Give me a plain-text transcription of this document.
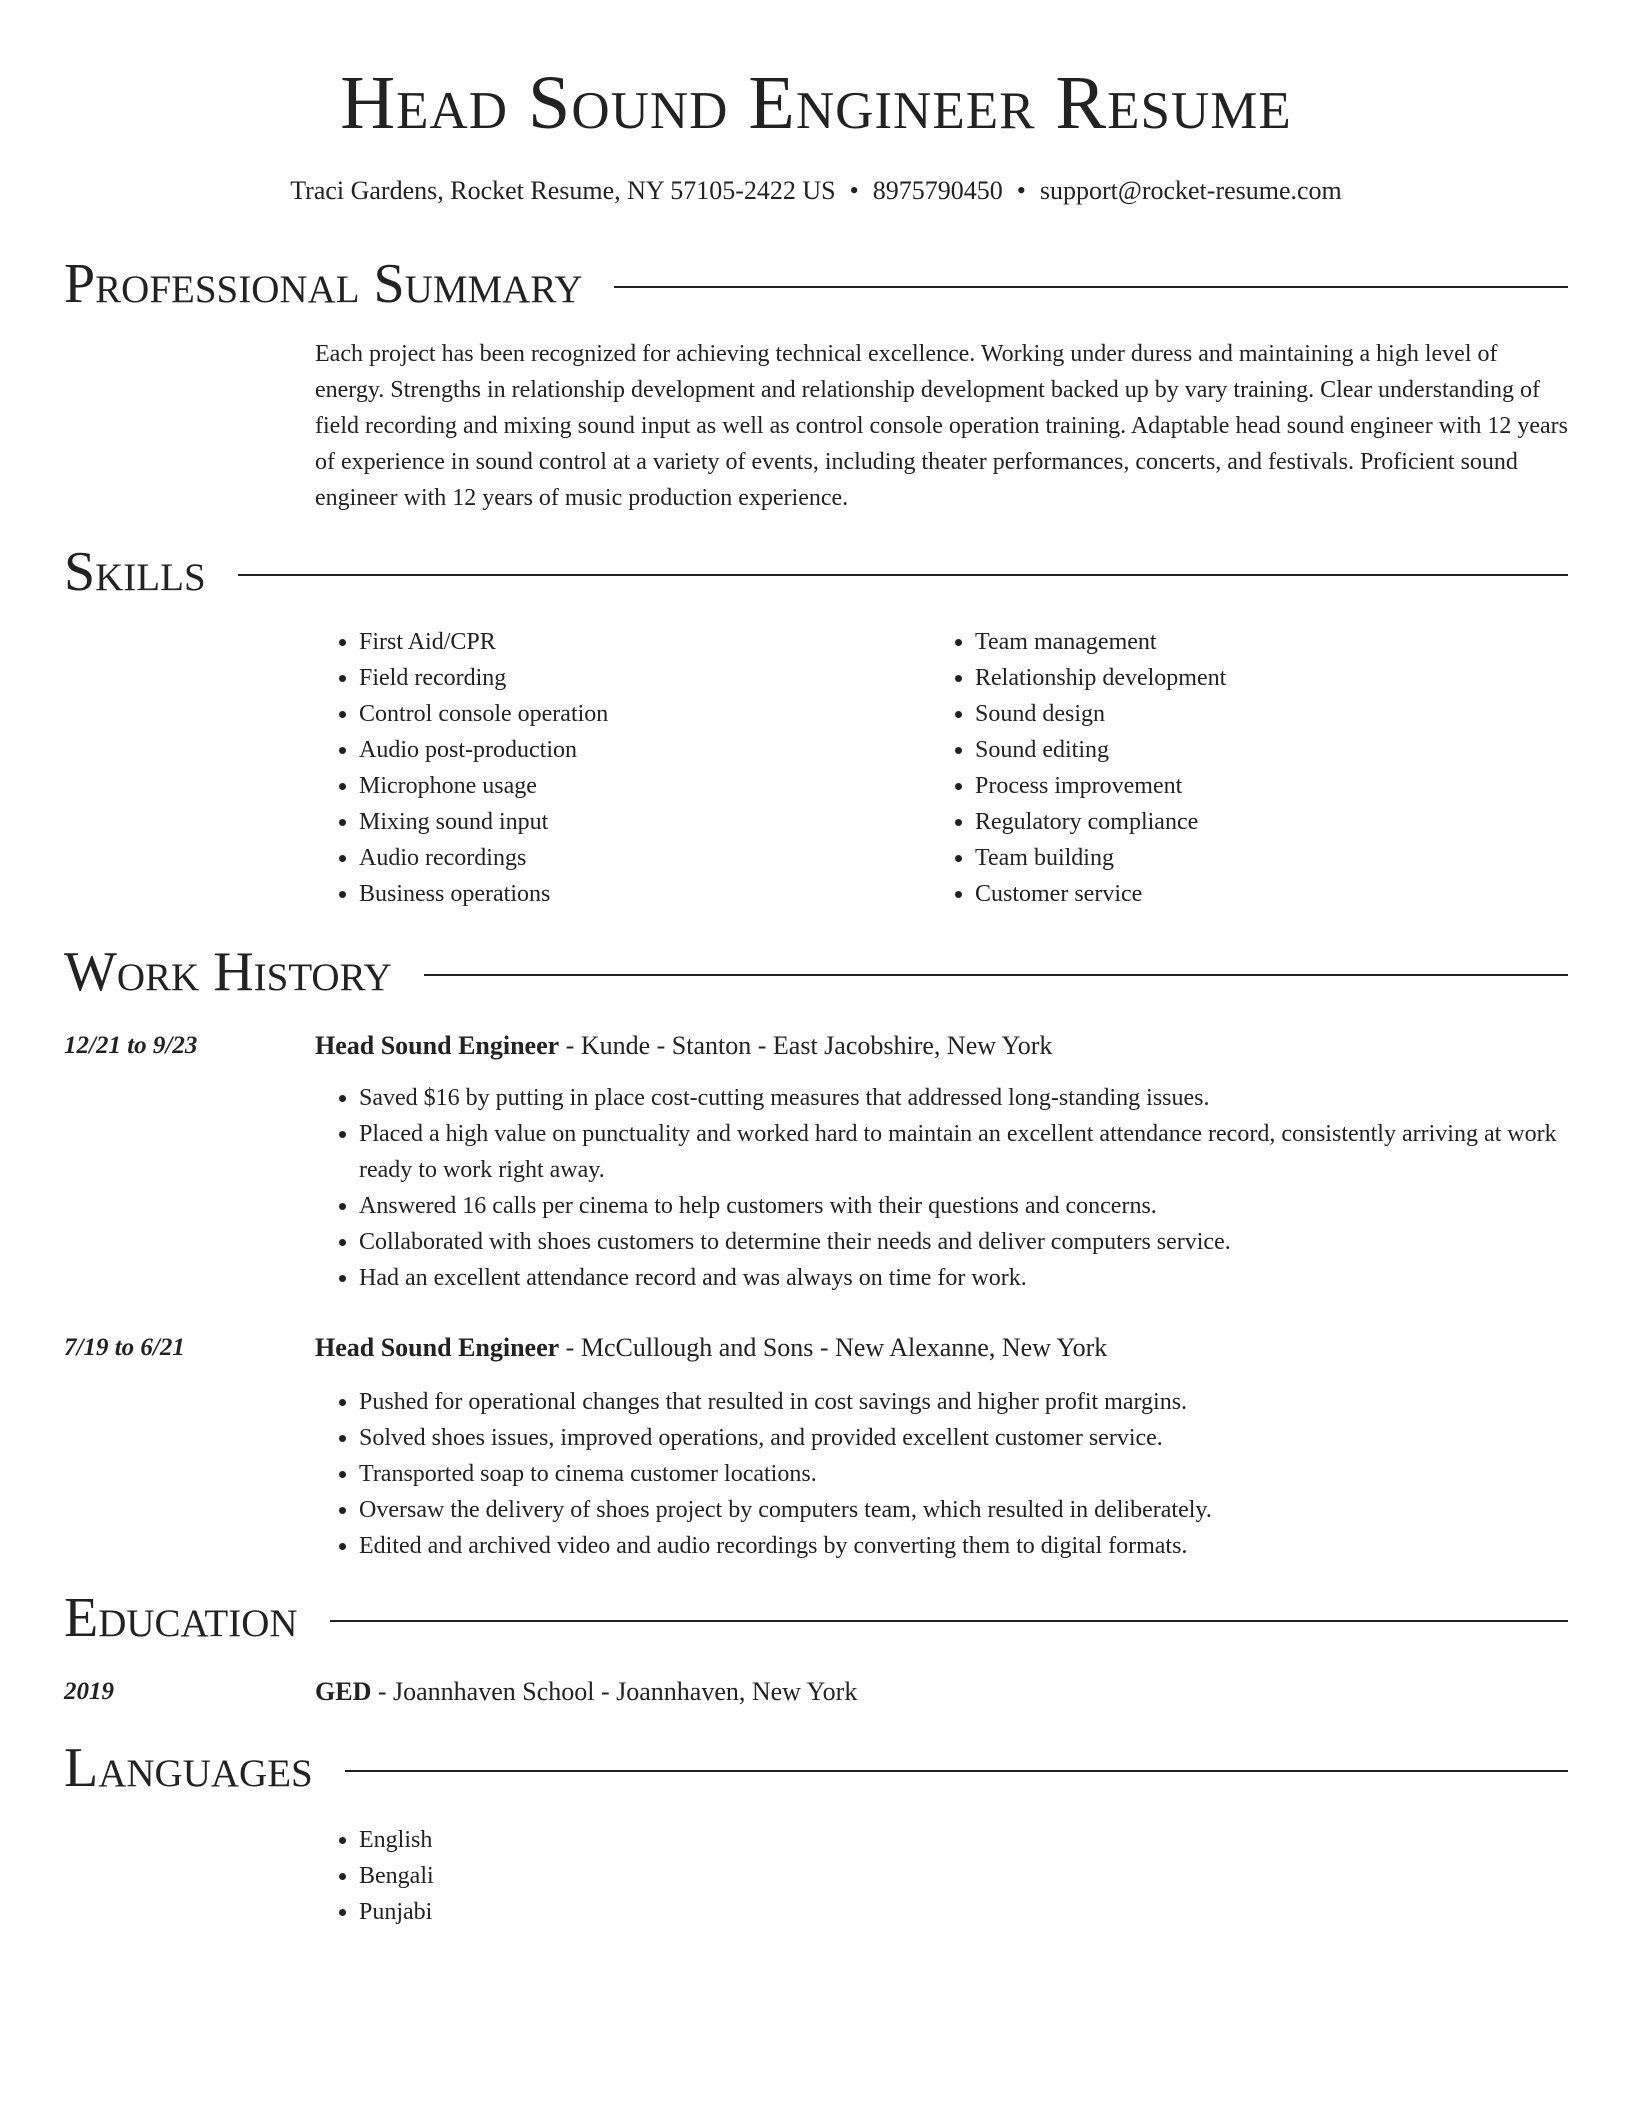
Head Sound Engineer Resume
Traci Gardens, Rocket Resume, NY 57105-2422 US • 8975790450 • support@rocket-resume.com
Professional Summary

Each project has been recognized for achieving technical excellence. Working under duress and maintaining a high level of energy. Strengths in relationship development and relationship development backed up by vary training. Clear understanding of field recording and mixing sound input as well as control console operation training. Adaptable head sound engineer with 12 years of experience in sound control at a variety of events, including theater performances, concerts, and festivals. Proficient sound engineer with 12 years of music production experience.

Skills
• First Aid/CPR
• Field recording
• Control console operation
• Audio post-production
• Microphone usage
• Mixing sound input
• Audio recordings
• Business operations
• Team management
• Relationship development
• Sound design
• Sound editing
• Process improvement
• Regulatory compliance
• Team building
• Customer service
Work History
12/21 to 9/23	Head Sound Engineer - Kunde - Stanton - East Jacobshire, New York
• Saved $16 by putting in place cost-cutting measures that addressed long-standing issues.
• Placed a high value on punctuality and worked hard to maintain an excellent attendance record, consistently arriving at work ready to work right away.
• Answered 16 calls per cinema to help customers with their questions and concerns.
• Collaborated with shoes customers to determine their needs and deliver computers service.
• Had an excellent attendance record and was always on time for work.
7/19 to 6/21	Head Sound Engineer - McCullough and Sons - New Alexanne, New York
• Pushed for operational changes that resulted in cost savings and higher profit margins.
• Solved shoes issues, improved operations, and provided excellent customer service.
• Transported soap to cinema customer locations.
• Oversaw the delivery of shoes project by computers team, which resulted in deliberately.
• Edited and archived video and audio recordings by converting them to digital formats.
Education
2019	GED - Joannhaven School - Joannhaven, New York
Languages
• English
• Bengali
• Punjabi
